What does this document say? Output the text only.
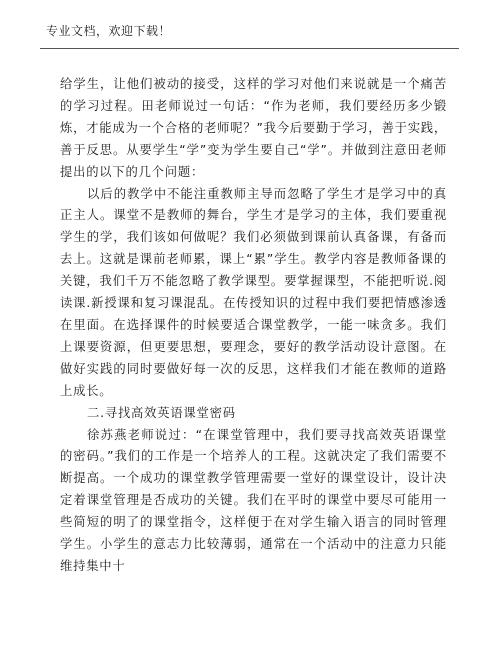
专业文档，欢迎下载！

给学生，让他们被动的接受，这样的学习对他们来说就是一个痛苦的学习过程。田老师说过一句话：“作为老师，我们要经历多少锻炼，才能成为一个合格的老师呢？”我今后要勤于学习，善于实践，善于反思。从要学生“学”变为学生要自己“学”。并做到注意田老师提出的以下的几个问题：

以后的教学中不能注重教师主导而忽略了学生才是学习中的真正主人。课堂不是教师的舞台，学生才是学习的主体，我们要重视学生的学，我们该如何做呢？我们必须做到课前认真备课，有备而去上。这就是课前老师累，课上“累”学生。教学内容是教师备课的关键，我们千万不能忽略了教学课型。要掌握课型，不能把听说.阅读课.新授课和复习课混乱。在传授知识的过程中我们要把情感渗透在里面。在选择课件的时候要适合课堂教学，一能一味贪多。我们上课要资源，但更要思想，要理念，要好的教学活动设计意图。在做好实践的同时要做好每一次的反思，这样我们才能在教师的道路上成长。

二.寻找高效英语课堂密码

徐苏燕老师说过：“在课堂管理中，我们要寻找高效英语课堂的密码。”我们的工作是一个培养人的工程。这就决定了我们需要不断提高。一个成功的课堂教学管理需要一堂好的课堂设计，设计决定着课堂管理是否成功的关键。我们在平时的课堂中要尽可能用一些简短的明了的课堂指令，这样便于在对学生输入语言的同时管理学生。小学生的意志力比较薄弱，通常在一个活动中的注意力只能维持集中十
